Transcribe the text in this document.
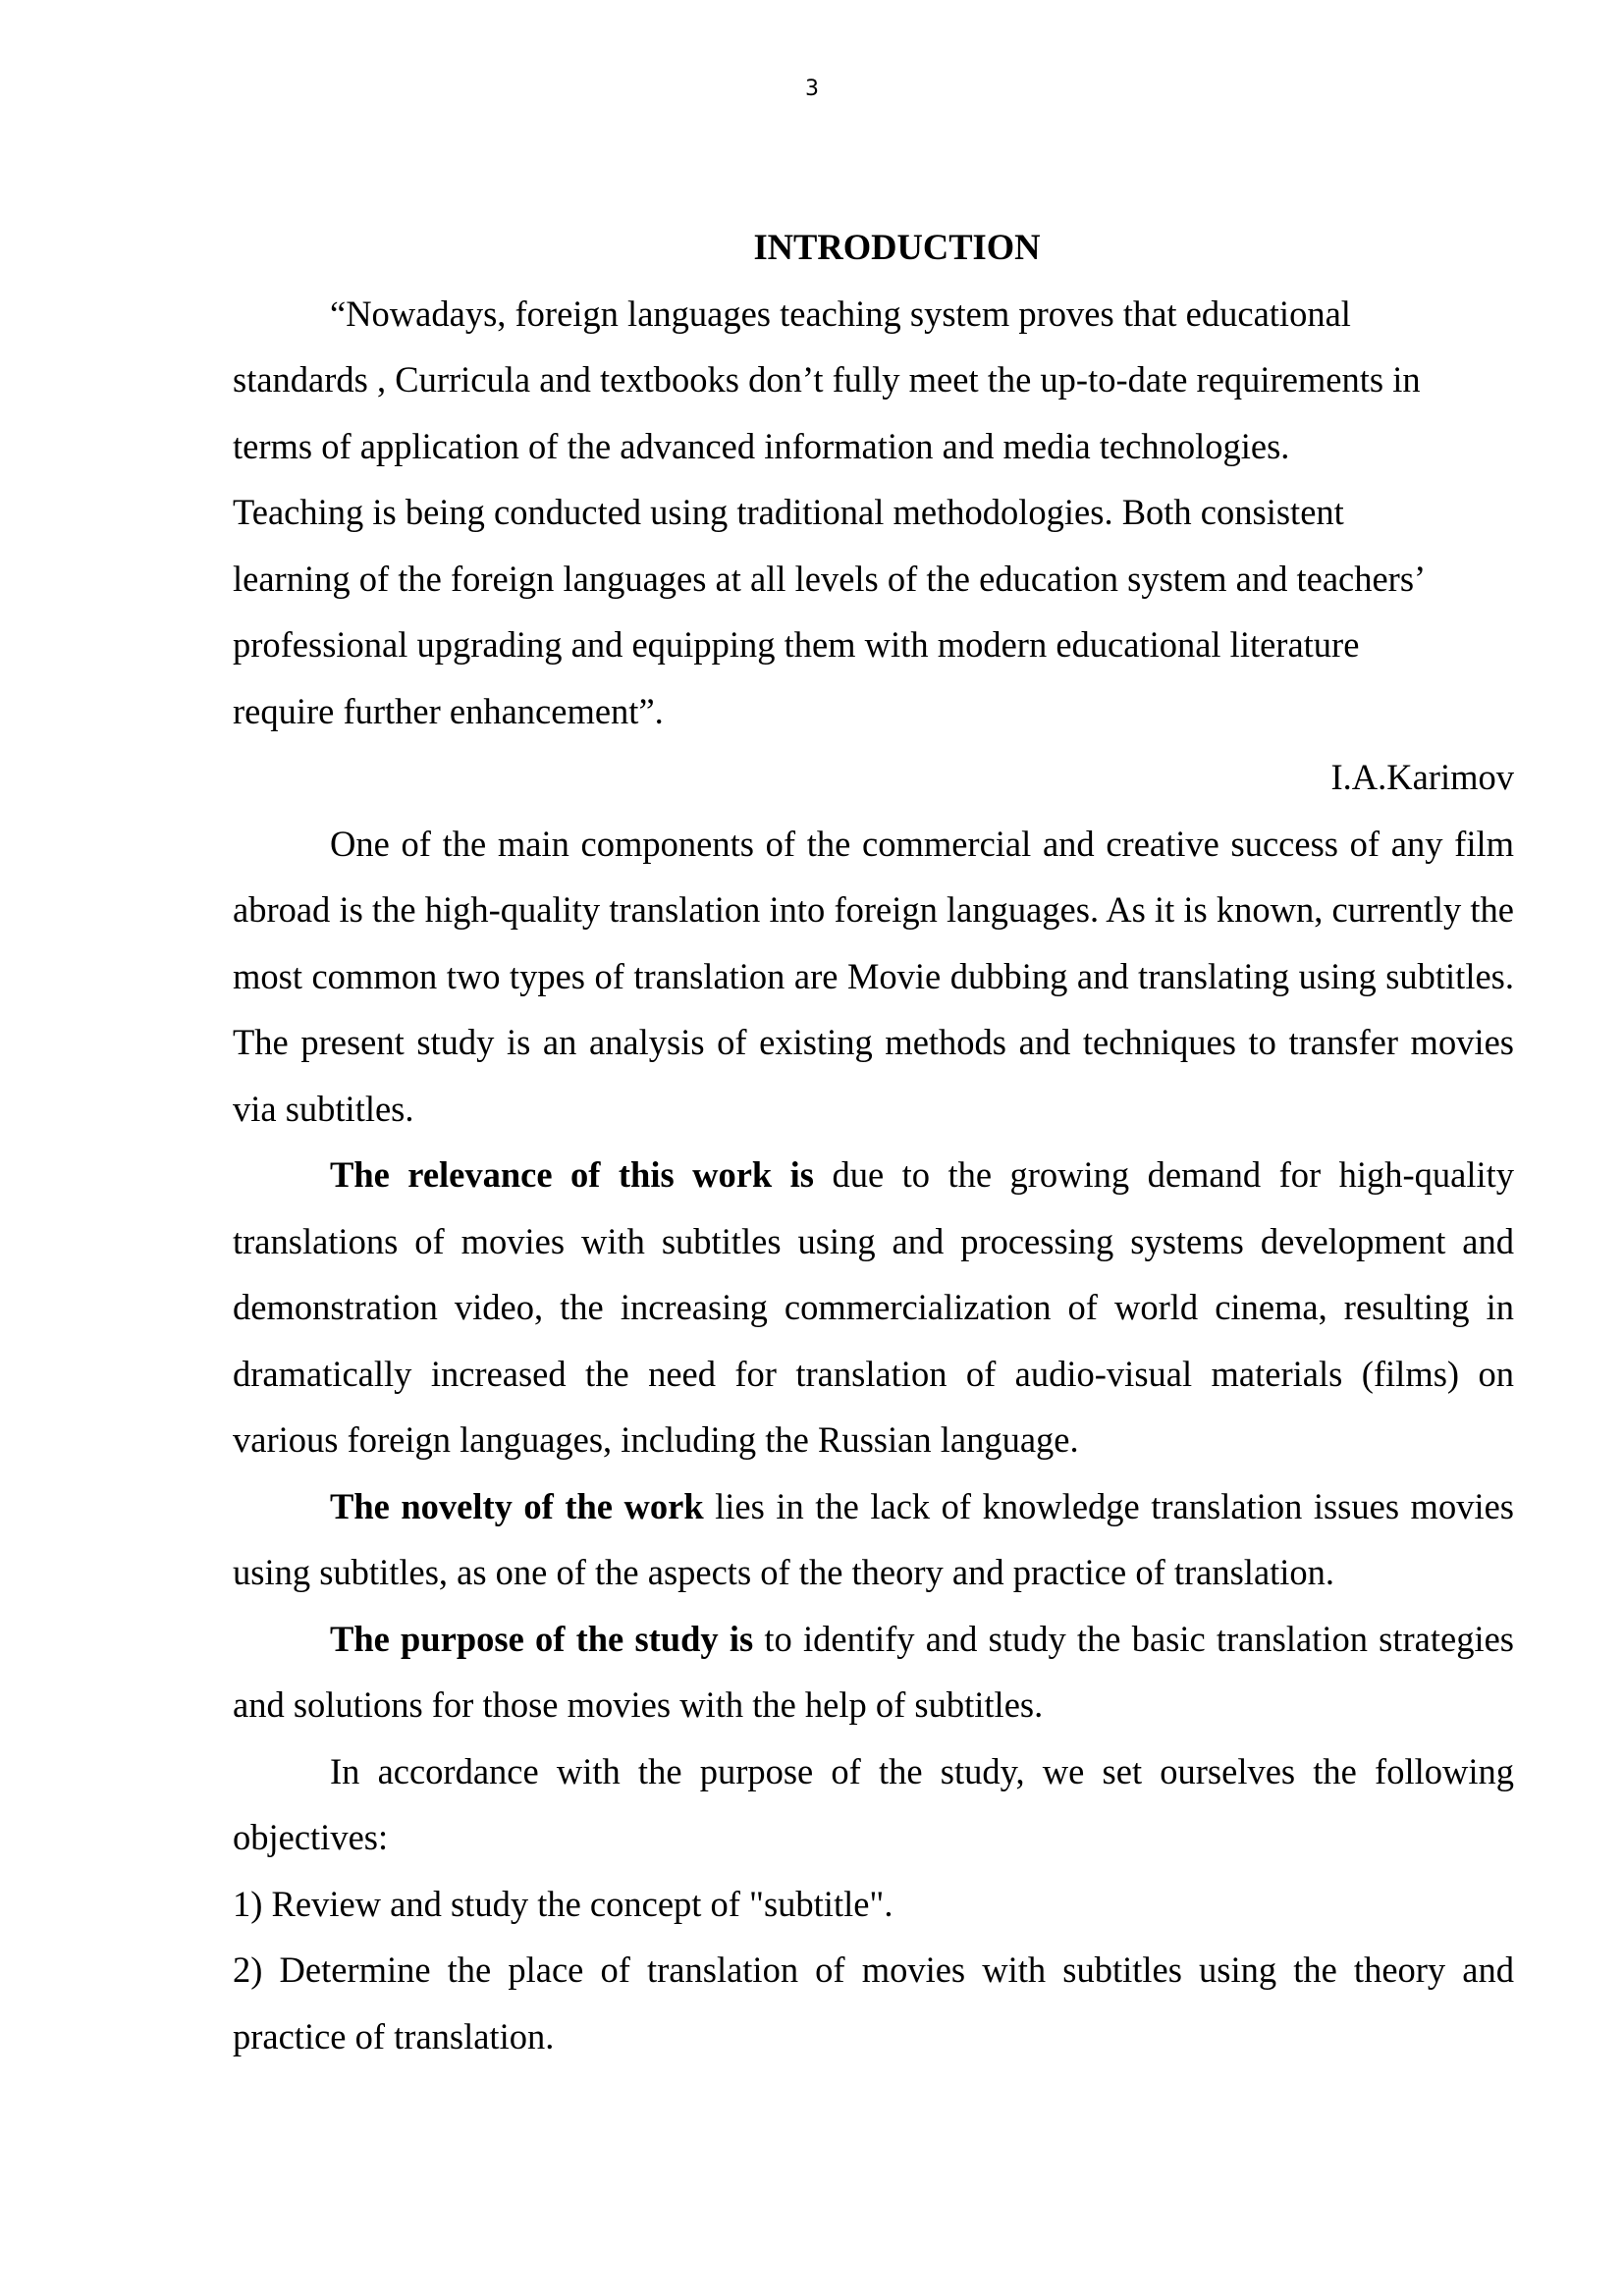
3
INTRODUCTION
“Nowadays, foreign languages teaching system proves that educational
standards , Curricula and textbooks don’t fully meet the up-to-date requirements in
terms of application of the advanced information and media technologies.
Teaching is being conducted using traditional methodologies. Both consistent
learning of the foreign languages at all levels of the education system and teachers’
professional upgrading and equipping them with modern educational literature
require further enhancement”.
I.A.Karimov

One of the main components of the commercial and creative success of any film abroad is the high-quality translation into foreign languages. As it is known, currently the most common two types of translation are Movie dubbing and translating using subtitles. The present study is an analysis of existing methods and techniques to transfer movies via subtitles.

The relevance of this work is due to the growing demand for high-quality translations of movies with subtitles using and processing systems development and demonstration video, the increasing commercialization of world cinema, resulting in dramatically increased the need for translation of audio-visual materials (films) on various foreign languages, including the Russian language.

The novelty of the work lies in the lack of knowledge translation issues movies using subtitles, as one of the aspects of the theory and practice of translation.

The purpose of the study is to identify and study the basic translation strategies and solutions for those movies with the help of subtitles.

In accordance with the purpose of the study, we set ourselves the following objectives:

1) Review and study the concept of "subtitle".

2) Determine the place of translation of movies with subtitles using the theory and practice of translation.
